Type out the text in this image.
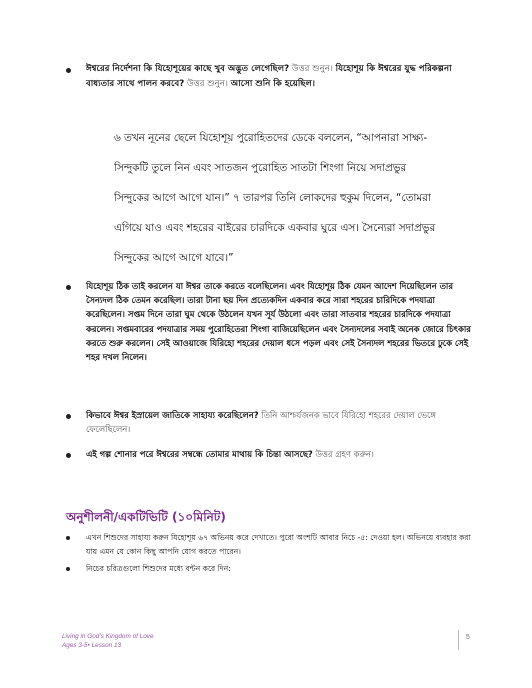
ঈশ্বরের নির্দেশনা কি যিহোশূয়ের কাছে খুব অদ্ভুত লেগেছিল? উত্তর শুনুন। যিহোশূয় কি ঈশ্বরের যুদ্ধ পরিকল্পনা বাধ্যতার সাথে পালন করবে? উত্তর শুনুন। আসো শুনি কি হয়েছিল।
৬ তখন নূনের ছেলে যিহোশূয় পুরোহিতদের ডেকে বললেন, “আপনারা সাক্ষ্য-
সিন্দুকটি তুলে নিন এবং সাতজন পুরোহিত সাতটা শিংগা নিয়ে সদাপ্রভুর
সিন্দুকের আগে আগে যান।” ৭ তারপর তিনি লোকদের হুকুম দিলেন, “তোমরা
এগিয়ে যাও এবং শহরের বাইরের চারদিকে একবার ঘুরে এস। সৈন্যেরা সদাপ্রভুর
সিন্দুকের আগে আগে যাবে।”
যিহোশূয় ঠিক তাই করলেন যা ঈশ্বর তাকে করতে বলেছিলেন। এবং যিহোশূয় ঠিক যেমন আদেশ দিয়েছিলেন তার সৈন্যদল ঠিক তেমন করেছিল। তারা টানা ছয় দিন প্রত্যেকদিন একবার করে সারা শহরের চারিদিকে পদযাত্রা করেছিলেন। সপ্তম দিনে তারা ঘুম থেকে উঠলেন যখন সূর্য উঠলো এবং তারা সাতবার শহরের চারদিকে পদযাত্রা করলেন। সপ্তমবারের পদযাত্রার সময় পুরোহিতেরা শিংগা বাজিয়েছিলেন এবং সৈন্যদলের সবাই অনেক জোরে চিৎকার করতে শুরু করলেন। সেই আওয়াজে যিরিহো শহরের দেয়াল ধসে পড়ল এবং সেই সৈন্যদল শহরের ভিতরে ঢুকে সেই শহর দখল নিলেন।
কিভাবে ঈশ্বর ইস্রায়েল জাতিকে সাহায্য করেছিলেন? তিনি আশ্চর্যজনক ভাবে যিরিহো শহরের দেয়াল ভেঙ্গে ফেলেছিলেন।
এই গল্প শোনার পরে ঈশ্বরের সম্বন্ধে তোমার মাথায় কি চিন্তা আসছে? উত্তর গ্রহণ করুন।
অনুশীলনী/একটিভিটি (১০মিনিট)
এখন শিশুদের সাহায্য করুন যিহোশূয় ৬৭ অভিনয় করে দেখাতে। পুরো অংশটি আবার নিচে -৫: দেওয়া হল। অভিনয়ে ব্যবহার করা যায় এমন যে কোন কিছু আপনি যোগ করতে পারেন।
নিচের চরিত্রগুলো শিশুদের মধ্যে বন্টন করে দিন:
Living in God’s Kingdom of Love
Ages 3-5• Lesson 13
5
